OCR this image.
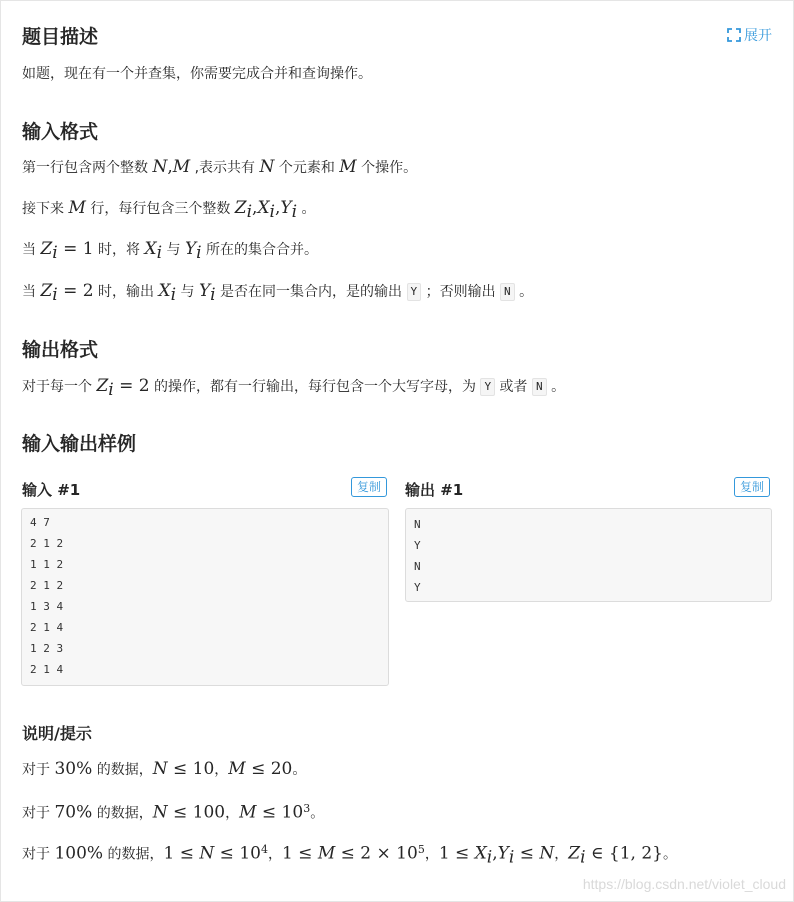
题目描述	展开
如题，现在有一个并查集，你需要完成合并和查询操作。
输入格式
第一行包含两个整数 N,M ,表示共有 N 个元素和 M 个操作。
接下来 M 行，每行包含三个整数 $Z_i,X_i,Y_i$ 。
当 $Z_i = 1$ 时，将 $X_i$ 与 $Y_i$ 所在的集合合并。
当 $Z_i = 2$ 时，输出 $X_i$ 与 $Y_i$ 是否在同一集合内，是的输出 Y ；否则输出 N 。
输出格式
对于每一个 $Z_i = 2$ 的操作，都有一行输出，每行包含一个大写字母，为 Y 或者 N 。
输入输出样例
输入 #1	复制
4 7
2 1 2
1 1 2
2 1 2
1 3 4
2 1 4
1 2 3
2 1 4
输出 #1	复制
N
Y
N
Y
说明/提示
对于 30% 的数据，N ≤ 10，M ≤ 20。
对于 70% 的数据，N ≤ 100，$M \le 10^3$。
对于 100% 的数据，$1 \le N \le 10^4$，$1 \le M \le 2 \times 10^5$，$1 \le X_i,Y_i \le N$，$Z_i$ ∈ {1, 2}。
https://blog.csdn.net/violet_cloud
